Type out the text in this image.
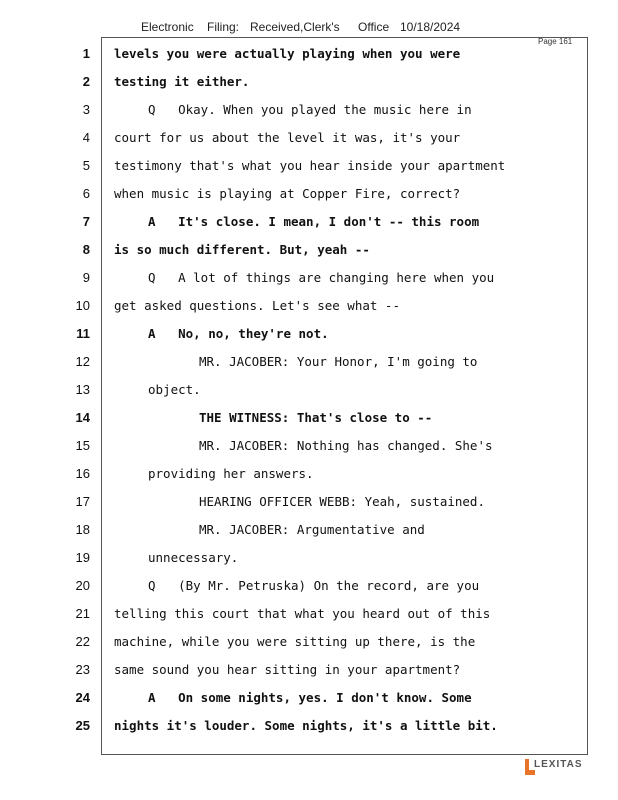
Electronic Filing: Received,Clerk's Office 10/18/2024
Page 161
1 levels you were actually playing when you were
2 testing it either.
3	Q   Okay. When you played the music here in
4 court for us about the level it was, it's your
5 testimony that's what you hear inside your apartment
6 when music is playing at Copper Fire, correct?
7	A   It's close. I mean, I don't -- this room
8 is so much different. But, yeah --
9	Q   A lot of things are changing here when you
10 get asked questions. Let's see what --
11	A   No, no, they're not.
12	MR. JACOBER: Your Honor, I'm going to
13	object.
14	THE WITNESS: That's close to --
15	MR. JACOBER: Nothing has changed. She's
16	providing her answers.
17	HEARING OFFICER WEBB: Yeah, sustained.
18	MR. JACOBER: Argumentative and
19	unnecessary.
20	Q   (By Mr. Petruska) On the record, are you
21 telling this court that what you heard out of this
22 machine, while you were sitting up there, is the
23 same sound you hear sitting in your apartment?
24	A   On some nights, yes. I don't know. Some
25 nights it's louder. Some nights, it's a little bit.
LEXITAS
